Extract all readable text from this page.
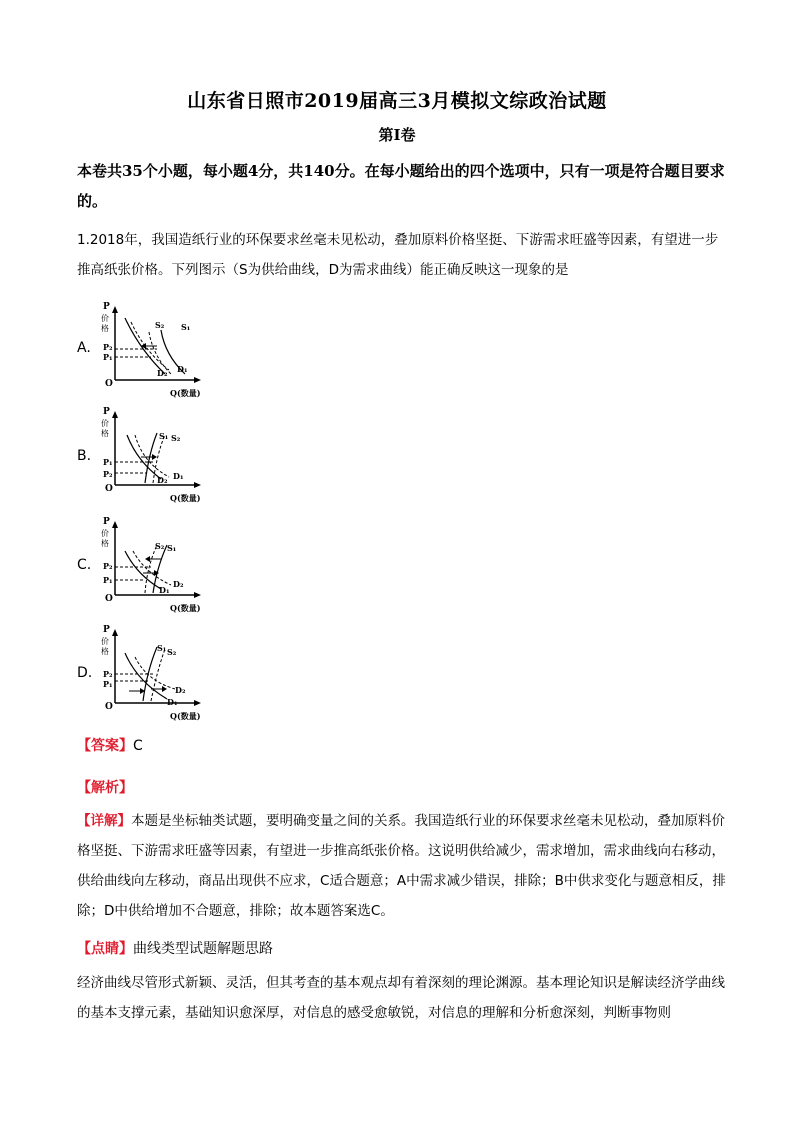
山东省日照市2019届高三3月模拟文综政治试题
第I卷
本卷共35个小题，每小题4分，共140分。在每小题给出的四个选项中，只有一项是符合题目要求的。
1.2018年，我国造纸行业的环保要求丝毫未见松动，叠加原料价格坚挺、下游需求旺盛等因素，有望进一步推高纸张价格。下列图示（S为供给曲线，D为需求曲线）能正确反映这一现象的是
A.
P
价
格
P₂
P₁
O
Q(数量)
S₂ S₁
D₂ D₁
B.
P
价
格
P₁
P₂
O
Q(数量)
S₁ S₂
D₂ D₁
C.
P
价
格
P₂
P₁
O
Q(数量)
S₂ S₁
D₁
D₂
D.
P
价
格
P₂
P₁
O
Q(数量)
S₁ S₂
D₂
D₁
【答案】C
【解析】
【详解】本题是坐标轴类试题，要明确变量之间的关系。我国造纸行业的环保要求丝毫未见松动，叠加原料价格坚挺、下游需求旺盛等因素，有望进一步推高纸张价格。这说明供给减少，需求增加，需求曲线向右移动，供给曲线向左移动，商品出现供不应求，C适合题意；A中需求减少错误，排除；B中供求变化与题意相反，排除；D中供给增加不合题意，排除；故本题答案选C。
【点睛】曲线类型试题解题思路
经济曲线尽管形式新颖、灵活，但其考查的基本观点却有着深刻的理论渊源。基本理论知识是解读经济学曲线的基本支撑元素，基础知识愈深厚，对信息的感受愈敏锐，对信息的理解和分析愈深刻，判断事物则
